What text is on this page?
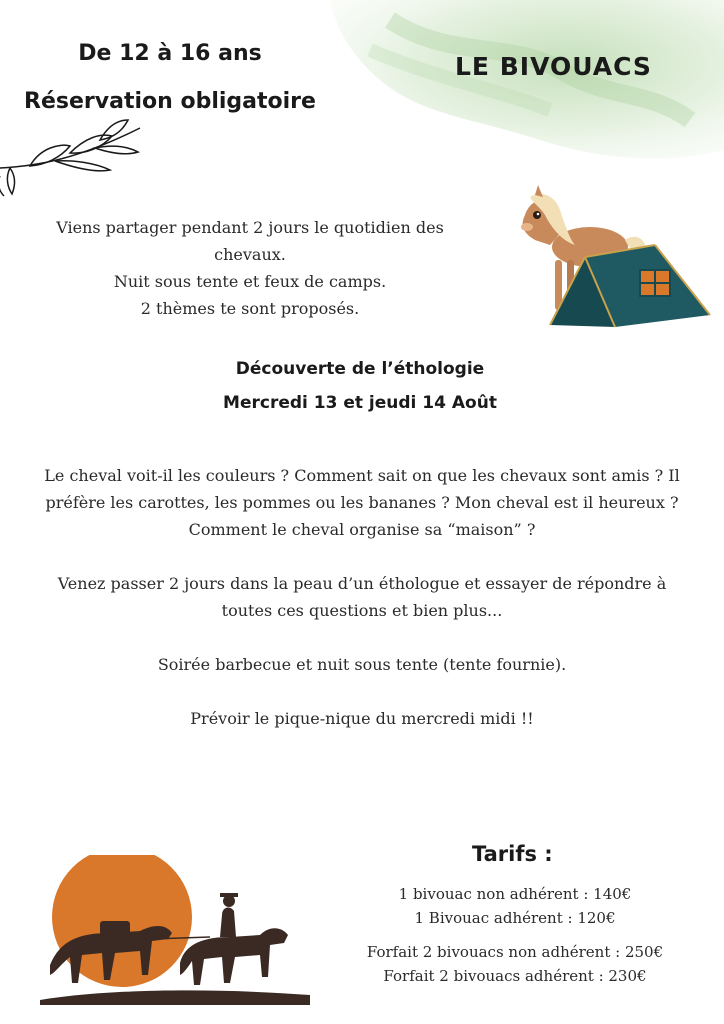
De 12 à 16 ans
Réservation obligatoire
LE BIVOUACS
Viens partager pendant 2 jours le quotidien des
chevaux.
Nuit sous tente et feux de camps.
2 thèmes te sont proposés.
Découverte de l’éthologie
Mercredi 13 et jeudi 14 Août

Le cheval voit-il les couleurs ? Comment sait on que les chevaux sont amis ? Il

préfère les carottes, les pommes ou les bananes ? Mon cheval est il heureux ?

Comment le cheval organise sa “maison” ?

Venez passer 2 jours dans la peau d’un éthologue et essayer de répondre à

toutes ces questions et bien plus...

Soirée barbecue et nuit sous tente (tente fournie).

Prévoir le pique-nique du mercredi midi !!

Tarifs :
1 bivouac non adhérent : 140€
1 Bivouac adhérent : 120€
Forfait 2 bivouacs non adhérent : 250€
Forfait 2 bivouacs adhérent : 230€
